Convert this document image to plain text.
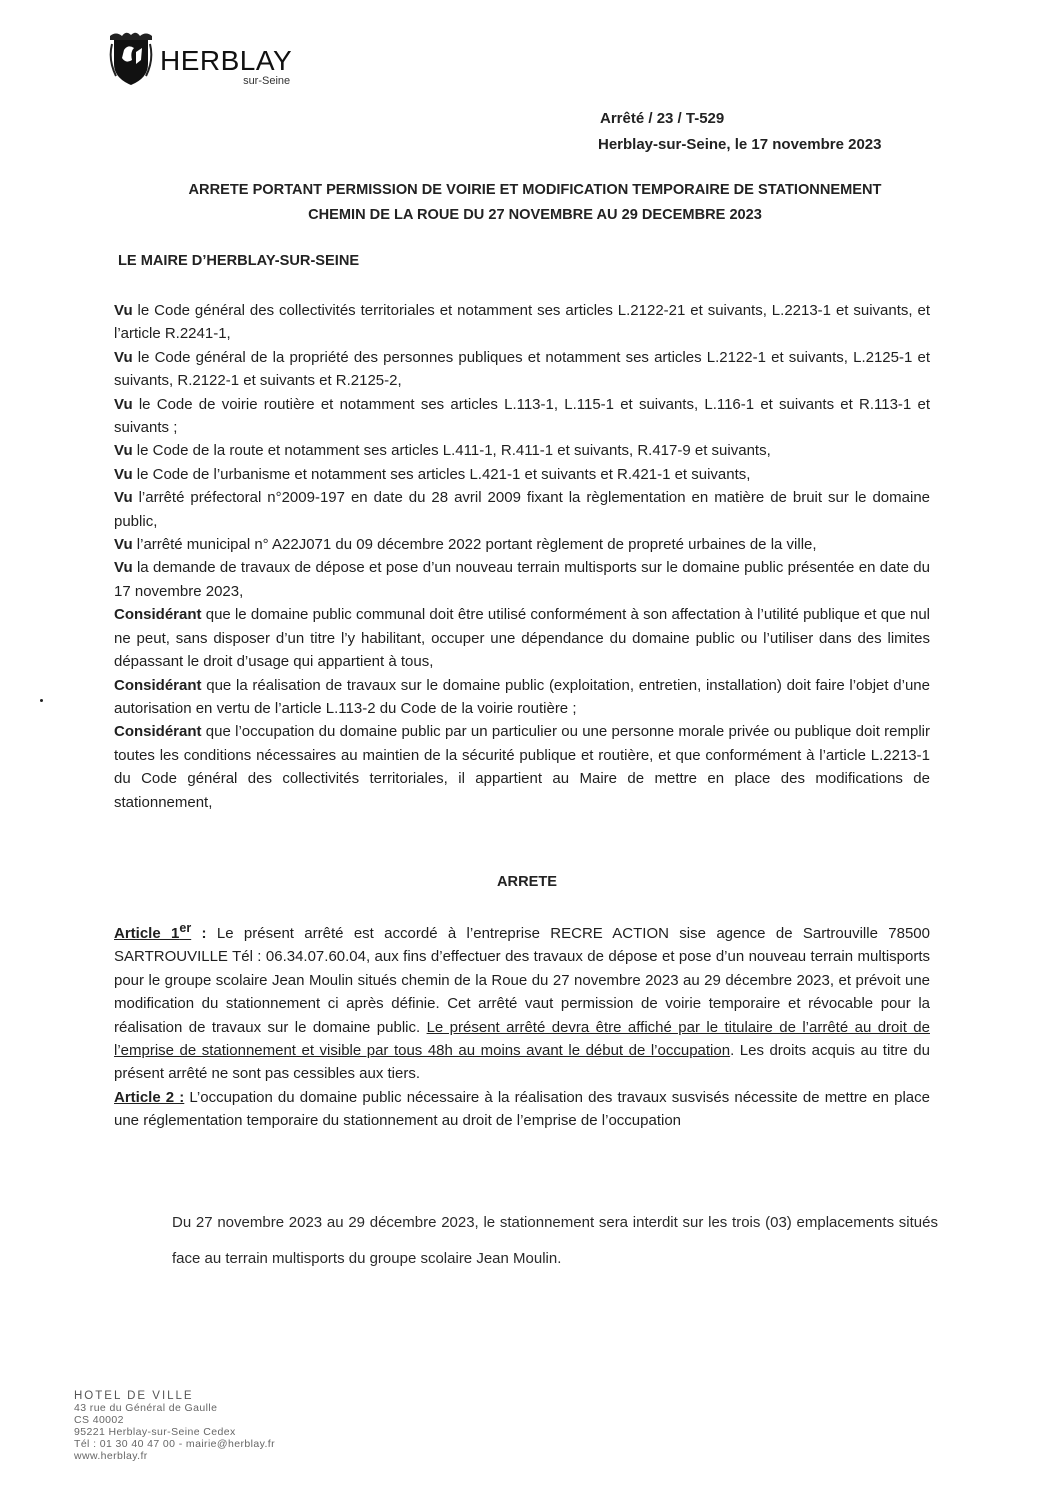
HERBLAY
sur-Seine
Arrêté / 23 / T-529
Herblay-sur-Seine, le 17 novembre 2023
ARRETE PORTANT PERMISSION DE VOIRIE ET MODIFICATION TEMPORAIRE DE STATIONNEMENT
CHEMIN DE LA ROUE DU 27 NOVEMBRE AU 29 DECEMBRE 2023
LE MAIRE D’HERBLAY-SUR-SEINE

Vu le Code général des collectivités territoriales et notamment ses articles L.2122-21 et suivants, L.2213-1 et suivants, et l’article R.2241-1,

Vu le Code général de la propriété des personnes publiques et notamment ses articles L.2122-1 et suivants, L.2125-1 et suivants, R.2122-1 et suivants et R.2125-2,

Vu le Code de voirie routière et notamment ses articles L.113-1, L.115-1 et suivants, L.116-1 et suivants et R.113-1 et suivants ;

Vu le Code de la route et notamment ses articles L.411-1, R.411-1 et suivants, R.417-9 et suivants,

Vu le Code de l’urbanisme et notamment ses articles L.421-1 et suivants et R.421-1 et suivants,

Vu l’arrêté préfectoral n°2009-197 en date du 28 avril 2009 fixant la règlementation en matière de bruit sur le domaine public,

Vu l’arrêté municipal n° A22J071 du 09 décembre 2022 portant règlement de propreté urbaines de la ville,

Vu la demande de travaux de dépose et pose d’un nouveau terrain multisports sur le domaine public présentée en date du 17 novembre 2023,

Considérant que le domaine public communal doit être utilisé conformément à son affectation à l’utilité publique et que nul ne peut, sans disposer d’un titre l’y habilitant, occuper une dépendance du domaine public ou l’utiliser dans des limites dépassant le droit d’usage qui appartient à tous,

Considérant que la réalisation de travaux sur le domaine public (exploitation, entretien, installation) doit faire l’objet d’une autorisation en vertu de l’article L.113-2 du Code de la voirie routière ;

Considérant que l’occupation du domaine public par un particulier ou une personne morale privée ou publique doit remplir toutes les conditions nécessaires au maintien de la sécurité publique et routière, et que conformément à l’article L.2213-1 du Code général des collectivités territoriales, il appartient au Maire de mettre en place des modifications de stationnement,

ARRETE

Article 1er : Le présent arrêté est accordé à l’entreprise RECRE ACTION sise agence de Sartrouville 78500 SARTROUVILLE Tél : 06.34.07.60.04, aux fins d’effectuer des travaux de dépose et pose d’un nouveau terrain multisports pour le groupe scolaire Jean Moulin situés chemin de la Roue du 27 novembre 2023 au 29 décembre 2023, et prévoit une modification du stationnement ci après définie. Cet arrêté vaut permission de voirie temporaire et révocable pour la réalisation de travaux sur le domaine public. Le présent arrêté devra être affiché par le titulaire de l’arrêté au droit de l’emprise de stationnement et visible par tous 48h au moins avant le début de l’occupation. Les droits acquis au titre du présent arrêté ne sont pas cessibles aux tiers.

Article 2 : L’occupation du domaine public nécessaire à la réalisation des travaux susvisés nécessite de mettre en place une réglementation temporaire du stationnement au droit de l’emprise de l’occupation

Du 27 novembre 2023 au 29 décembre 2023, le stationnement sera interdit sur les trois (03) emplacements situés face au terrain multisports du groupe scolaire Jean Moulin.

HOTEL DE VILLE
43 rue du Général de Gaulle
CS 40002
95221 Herblay-sur-Seine Cedex
Tél : 01 30 40 47 00 - mairie@herblay.fr
www.herblay.fr
